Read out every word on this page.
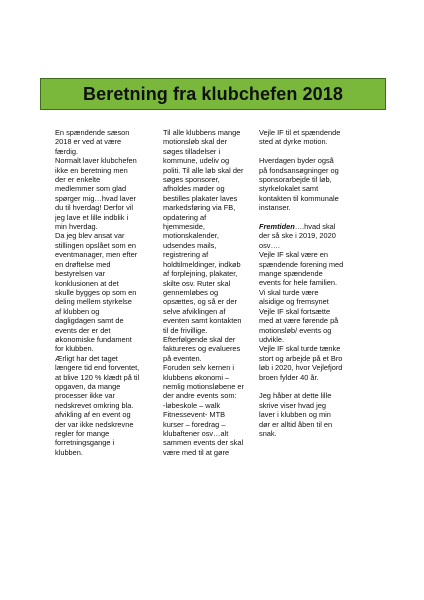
Beretning fra klubchefen 2018

En spændende sæson

2018 er ved at være

færdig.

Normalt laver klubchefen

ikke en beretning men

der er enkelte

medlemmer som glad

spørger mig…hvad laver

du til hverdag! Derfor vil

jeg lave et lille indblik i

min hverdag.

Da jeg blev ansat var

stillingen opslået som en

eventmanager, men efter

en drøftelse med

bestyrelsen var

konklusionen at det

skulle bygges op som en

deling mellem styrkelse

af klubben og

dagligdagen samt de

events der er det

økonomiske fundament

for klubben.

Ærligt har det taget

længere tid end forventet,

at blive 120 % klædt på til

opgaven, da mange

processer ikke var

nedskrevet omkring bla.

afvikling af en event og

der var ikke nedskrevne

regler for mange

forretningsgange i

klubben.

Til alle klubbens mange

motionsløb skal der

søges tilladelser i

kommune, udeliv og

politi. Til alle løb skal der

søges sponsorer,

afholdes møder og

bestilles plakater laves

markedsføring via FB,

opdatering af

hjemmeside,

motionskalender,

udsendes mails,

registrering af

holdtilmeldinger, indkøb

af forplejning, plakater,

skilte osv. Ruter skal

gennemløbes og

opsættes, og så er der

selve afviklingen af

eventen samt kontakten

til de frivillige.

Efterfølgende skal der

faktureres og evalueres

på eventen.

Foruden selv kernen i

klubbens økonomi –

nemlig motionsløbene er

der andre events som:

-løbeskole – walk

Fitnessevent- MTB

kurser – foredrag –

klubaftener osv…alt

sammen events der skal

være med til at gøre

Vejle IF til et spændende

sted at dyrke motion.

Hverdagen byder også

på fondsansøgninger og

sponsorarbejde til løb,

styrkelokalet samt

kontakten til kommunale

instanser.

Fremtiden….hvad skal

der så ske i 2019, 2020

osv….

Vejle IF skal være en

spændende forening med

mange spændende

events for hele familien.

Vi skal turde være

alsidige og fremsynet

Vejle IF skal fortsætte

med at være førende på

motionsløb/ events og

udvikle.

Vejle IF skal turde tænke

stort og arbejde på et Bro

løb i 2020, hvor Vejlefjord

broen fylder 40 år.

Jeg håber at dette lille

skrive viser hvad jeg

laver i klubben og min

dør er alltid åben til en

snak.
